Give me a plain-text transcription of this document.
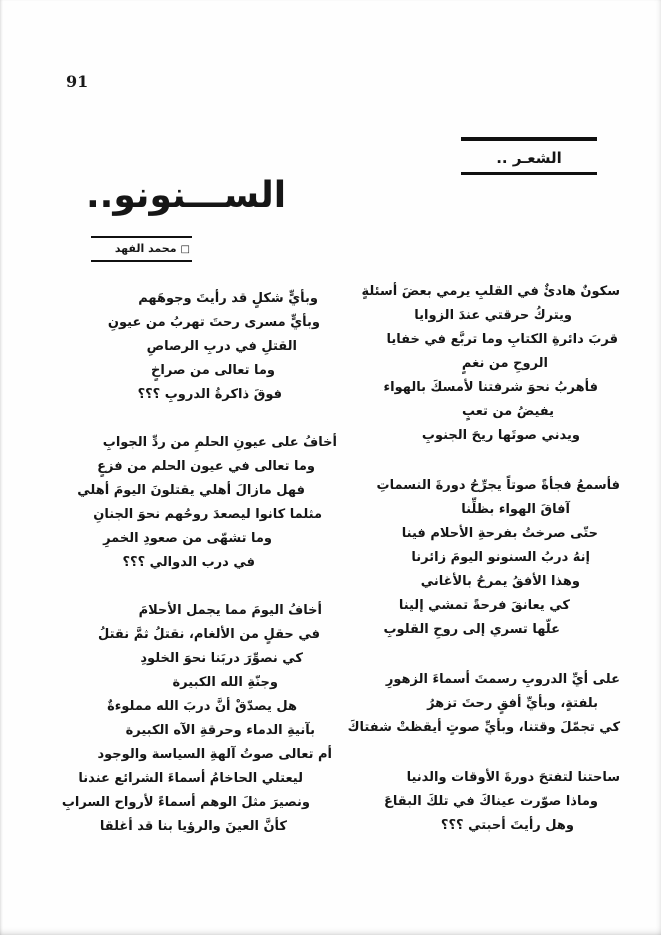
91
الشعـر ..
الســـنونو..
□محمد الفهد
سكونٌ هادئٌ في القلبِ يرمي بعضَ أسئلةٍ
ويتركُ حرقتي عندَ الزوايا
قربَ دائرةِ الكتابِ وما تربَّع في خفايا
الروحِ من نغمٍ
فأهربُ نحوَ شرفتنا لأمسكَ بالهواء
يفيضُ من تعبٍ
ويدني صوتَها ريحَ الجنوبِ
فأسمعُ فجأةً صوتاً يجرِّحُ دورةَ النسماتِ
آفاقَ الهواء بظلِّنا
حتّى صرختُ بفرحةِ الأحلام فينا
إنهُ دربُ السنونو اليومَ زائرنا
وهذا الأفقُ يمرحُ بالأغاني
كي يعانقَ فرحةً تمشي إلينا
علّها تسري إلى روحِ القلوبِ
على أيِّ الدروبِ رسمتَ أسماءَ الزهورِ
بلفتةٍ، وبأيِّ أفقٍ رحتَ تزهرُ
كي تجمّلَ وقتنا، وبأيِّ صوتٍ أيقظتْ شفتاكَ
ساحتنا لتفتحَ دورةَ الأوقات والدنيا
وماذا صوّرت عيناكَ في تلكَ البقاعَ
وهل رأيتَ أحبتي ؟؟؟
وبأيٍّ شكلٍ قد رأيتَ وجوهَهم
وبأيٍّ مسرى رحتَ تهربُ من عيونِ
القتلِ في دربِ الرصاصِ
وما تعالى من صراخٍ
فوقَ ذاكرةُ الدروبِ ؟؟؟
أخافُ على عيونِ الحلمِ من ردِّ الجوابِ
وما تعالى في عيون الحلم من فزعٍ
فهل مازالَ أهلي يقتلونَ اليومَ أهلي
مثلما كانوا ليصعدَ روحُهم نحوَ الجنانِ
وما تشهّى من صعودِ الخمرِ
في درب الدوالي ؟؟؟
أخافُ اليومَ مما يجمل الأحلامَ
في حقلٍ من الألغام، نقتلُ ثمَّ نقتلُ
كي نصوِّرَ دربَنا نحوَ الخلودِ
وجنّةِ الله الكبيرة
هل يصدّقْ أنَّ دربَ الله مملوءةٌ
بآنيةِ الدماء وحرقةِ الآه الكبيرة
أم تعالى صوتُ آلهةِ السياسة والوجود
ليعتلي الحاخامُ أسماءَ الشرائع عندنا
ونصيرَ مثلَ الوهم أسماءً لأرواح السرابِ
كأنَّ العينَ والرؤيا بنا قد أغلقا
